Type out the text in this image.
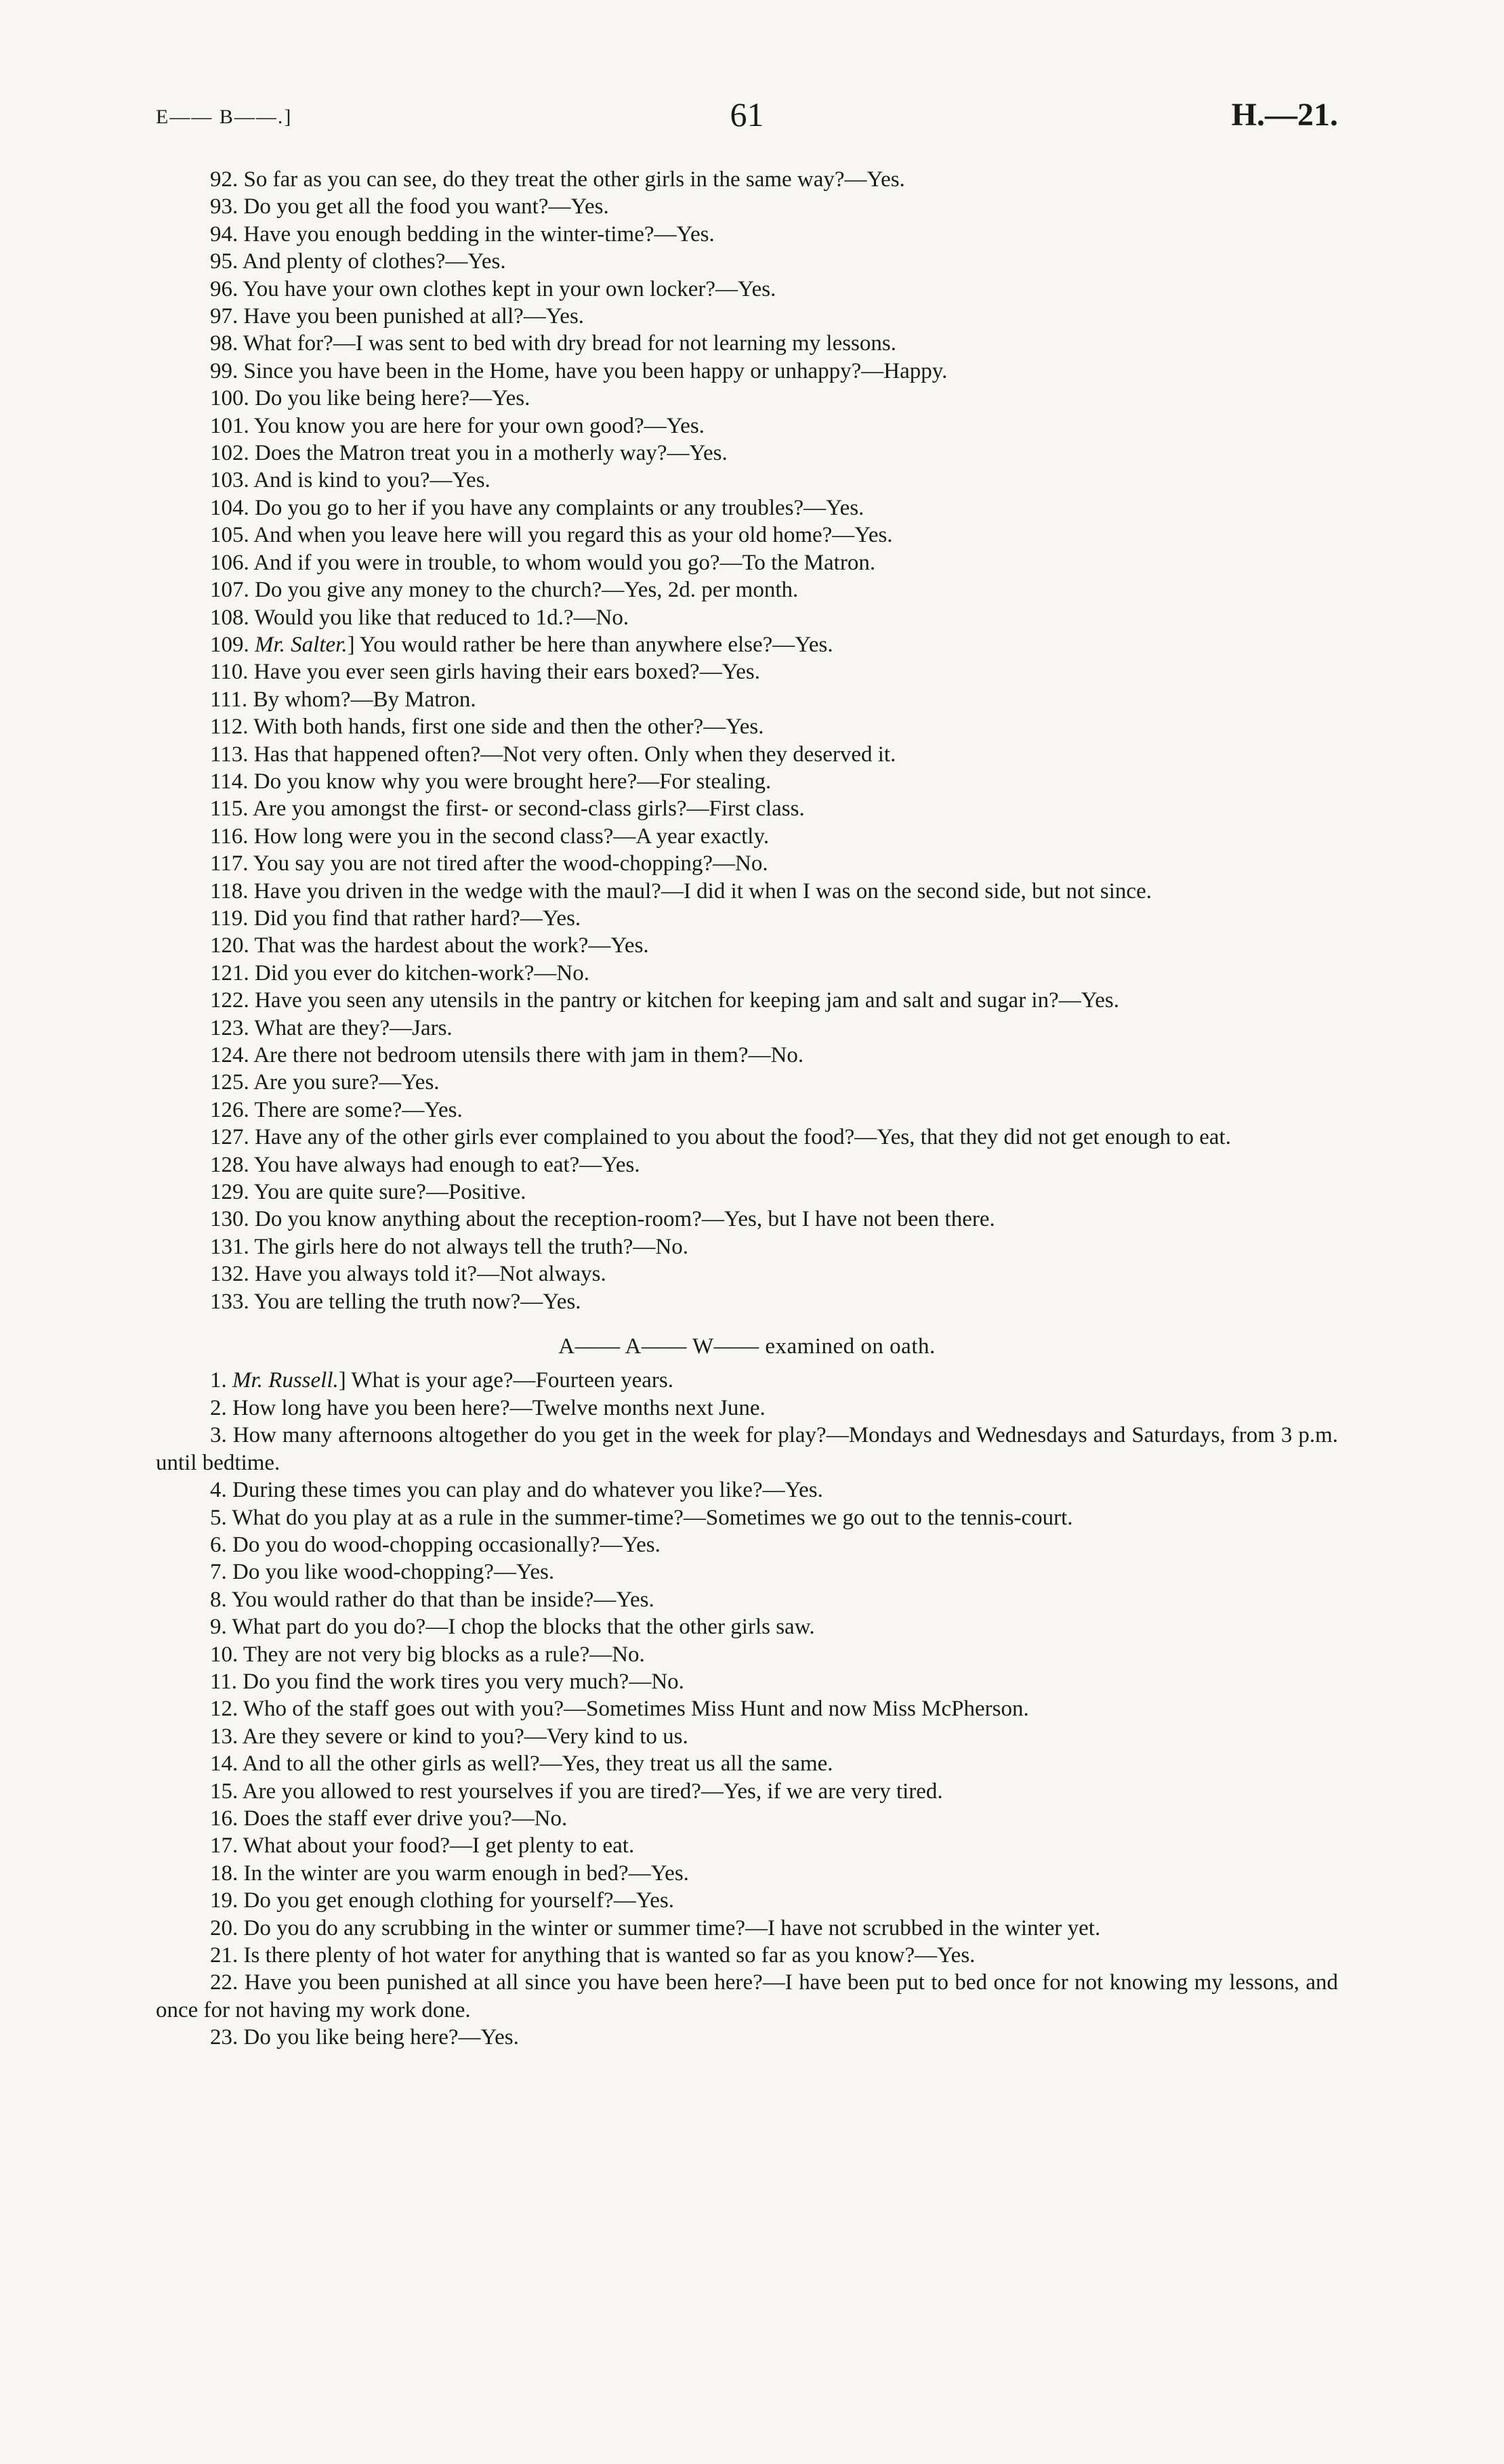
E—— B——.]	61	H.—21.
92. So far as you can see, do they treat the other girls in the same way?—Yes.
93. Do you get all the food you want?—Yes.
94. Have you enough bedding in the winter-time?—Yes.
95. And plenty of clothes?—Yes.
96. You have your own clothes kept in your own locker?—Yes.
97. Have you been punished at all?—Yes.
98. What for?—I was sent to bed with dry bread for not learning my lessons.
99. Since you have been in the Home, have you been happy or unhappy?—Happy.
100. Do you like being here?—Yes.
101. You know you are here for your own good?—Yes.
102. Does the Matron treat you in a motherly way?—Yes.
103. And is kind to you?—Yes.
104. Do you go to her if you have any complaints or any troubles?—Yes.
105. And when you leave here will you regard this as your old home?—Yes.
106. And if you were in trouble, to whom would you go?—To the Matron.
107. Do you give any money to the church?—Yes, 2d. per month.
108. Would you like that reduced to 1d.?—No.
109. Mr. Salter.] You would rather be here than anywhere else?—Yes.
110. Have you ever seen girls having their ears boxed?—Yes.
111. By whom?—By Matron.
112. With both hands, first one side and then the other?—Yes.
113. Has that happened often?—Not very often. Only when they deserved it.
114. Do you know why you were brought here?—For stealing.
115. Are you amongst the first- or second-class girls?—First class.
116. How long were you in the second class?—A year exactly.
117. You say you are not tired after the wood-chopping?—No.
118. Have you driven in the wedge with the maul?—I did it when I was on the second side, but not since.
119. Did you find that rather hard?—Yes.
120. That was the hardest about the work?—Yes.
121. Did you ever do kitchen-work?—No.
122. Have you seen any utensils in the pantry or kitchen for keeping jam and salt and sugar in?—Yes.
123. What are they?—Jars.
124. Are there not bedroom utensils there with jam in them?—No.
125. Are you sure?—Yes.
126. There are some?—Yes.
127. Have any of the other girls ever complained to you about the food?—Yes, that they did not get enough to eat.
128. You have always had enough to eat?—Yes.
129. You are quite sure?—Positive.
130. Do you know anything about the reception-room?—Yes, but I have not been there.
131. The girls here do not always tell the truth?—No.
132. Have you always told it?—Not always.
133. You are telling the truth now?—Yes.
A—— A—— W—— examined on oath.
1. Mr. Russell.] What is your age?—Fourteen years.
2. How long have you been here?—Twelve months next June.
3. How many afternoons altogether do you get in the week for play?—Mondays and Wednesdays and Saturdays, from 3 p.m. until bedtime.
4. During these times you can play and do whatever you like?—Yes.
5. What do you play at as a rule in the summer-time?—Sometimes we go out to the tennis-court.
6. Do you do wood-chopping occasionally?—Yes.
7. Do you like wood-chopping?—Yes.
8. You would rather do that than be inside?—Yes.
9. What part do you do?—I chop the blocks that the other girls saw.
10. They are not very big blocks as a rule?—No.
11. Do you find the work tires you very much?—No.
12. Who of the staff goes out with you?—Sometimes Miss Hunt and now Miss McPherson.
13. Are they severe or kind to you?—Very kind to us.
14. And to all the other girls as well?—Yes, they treat us all the same.
15. Are you allowed to rest yourselves if you are tired?—Yes, if we are very tired.
16. Does the staff ever drive you?—No.
17. What about your food?—I get plenty to eat.
18. In the winter are you warm enough in bed?—Yes.
19. Do you get enough clothing for yourself?—Yes.
20. Do you do any scrubbing in the winter or summer time?—I have not scrubbed in the winter yet.
21. Is there plenty of hot water for anything that is wanted so far as you know?—Yes.
22. Have you been punished at all since you have been here?—I have been put to bed once for not knowing my lessons, and once for not having my work done.
23. Do you like being here?—Yes.
